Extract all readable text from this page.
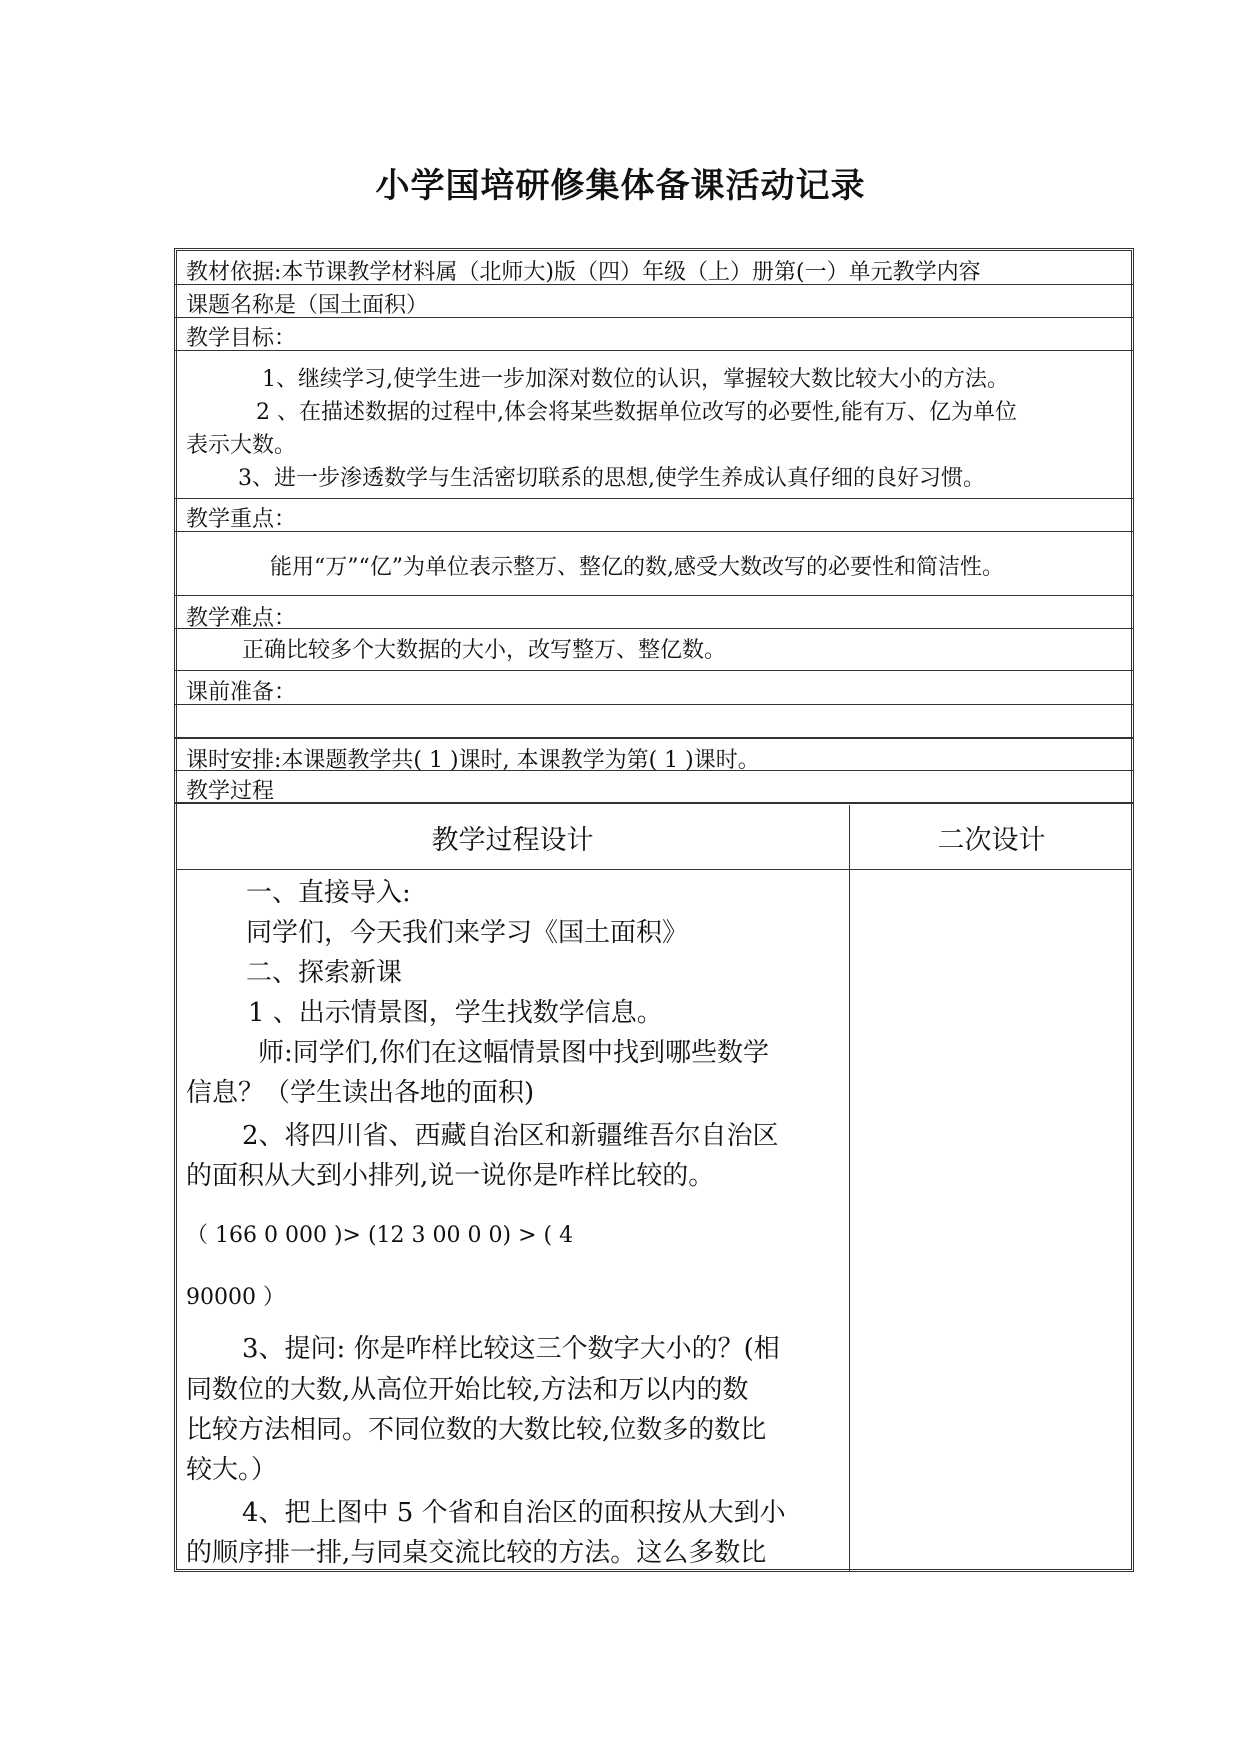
小学国培研修集体备课活动记录
教材依据:本节课教学材料属（北师大)版（四）年级（上）册第(一）单元教学内容
课题名称是（国土面积）
教学目标：
1、继续学习,使学生进一步加深对数位的认识，掌握较大数比较大小的方法。
2 、在描述数据的过程中,体会将某些数据单位改写的必要性,能有万、亿为单位
表示大数。
3、进一步渗透数学与生活密切联系的思想,使学生养成认真仔细的良好习惯。
教学重点：
能用“万”“亿”为单位表示整万、整亿的数,感受大数改写的必要性和简洁性。
教学难点：
正确比较多个大数据的大小，改写整万、整亿数。
课前准备：
课时安排:本课题教学共( 1 )课时, 本课教学为第( 1 )课时。
教学过程
教学过程设计	二次设计
一、直接导入:
同学们，今天我们来学习《国土面积》
二、探索新课
1 、出示情景图，学生找数学信息。
师:同学们,你们在这幅情景图中找到哪些数学
信息？（学生读出各地的面积)
2、将四川省、西藏自治区和新疆维吾尔自治区
的面积从大到小排列,说一说你是咋样比较的。
（ 166 0 000 )> (12 3 00 0 0) > ( 4
90000 ）
3、提问: 你是咋样比较这三个数字大小的？(相
同数位的大数,从高位开始比较,方法和万以内的数
比较方法相同。不同位数的大数比较,位数多的数比
较大。）
4、把上图中 5 个省和自治区的面积按从大到小
的顺序排一排,与同桌交流比较的方法。这么多数比
